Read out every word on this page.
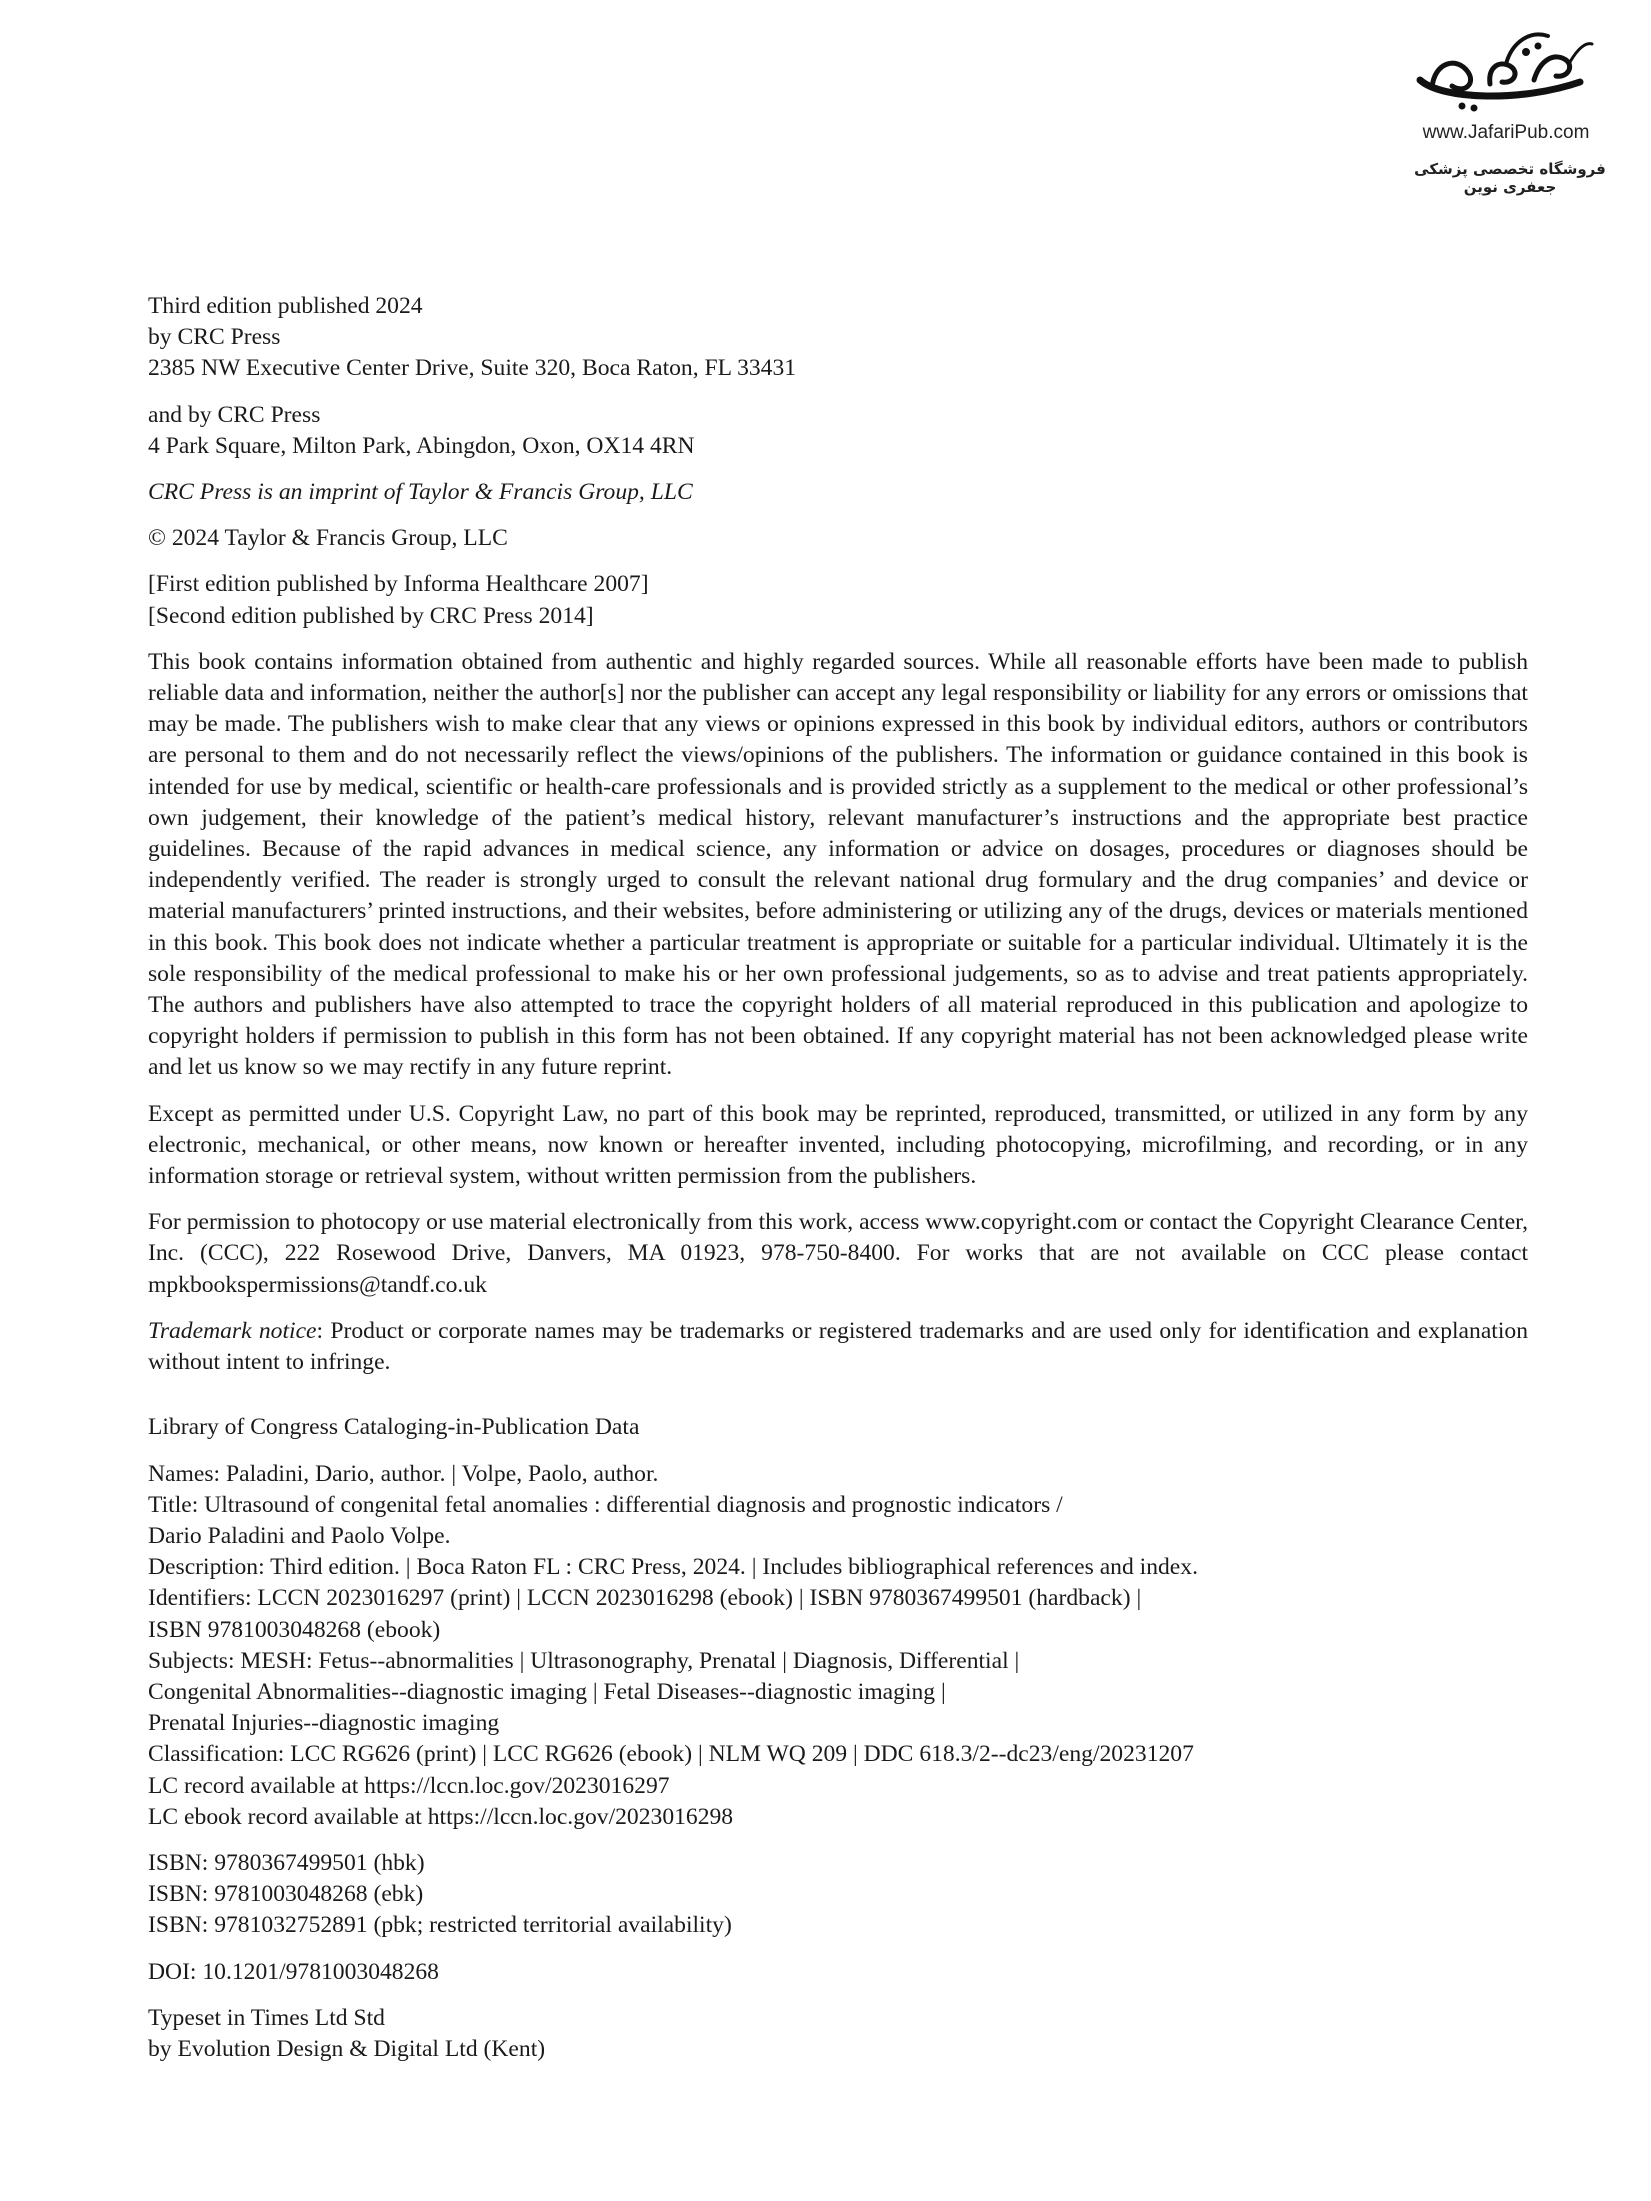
www.JafariPub.com
فروشگاه تخصصی پزشکی جعفری نوین

Third edition published 2024
by CRC Press
2385 NW Executive Center Drive, Suite 320, Boca Raton, FL 33431

and by CRC Press
4 Park Square, Milton Park, Abingdon, Oxon, OX14 4RN

CRC Press is an imprint of Taylor & Francis Group, LLC

© 2024 Taylor & Francis Group, LLC

[First edition published by Informa Healthcare 2007]
[Second edition published by CRC Press 2014]

This book contains information obtained from authentic and highly regarded sources. While all reasonable efforts have been made to publish reliable data and information, neither the author[s] nor the publisher can accept any legal responsibility or liability for any errors or omissions that may be made. The publishers wish to make clear that any views or opinions expressed in this book by individual editors, authors or contributors are personal to them and do not necessarily reflect the views/opinions of the publishers. The information or guidance contained in this book is intended for use by medical, scientific or health-care professionals and is provided strictly as a supplement to the medical or other professional’s own judgement, their knowledge of the patient’s medical history, relevant manufacturer’s instructions and the appropriate best practice guidelines. Because of the rapid advances in medical science, any information or advice on dosages, procedures or diagnoses should be independently verified. The reader is strongly urged to consult the relevant national drug formulary and the drug companies’ and device or material manufacturers’ printed instructions, and their websites, before administering or utilizing any of the drugs, devices or materials mentioned in this book. This book does not indicate whether a particular treatment is appropriate or suitable for a particular individual. Ultimately it is the sole responsibility of the medical professional to make his or her own professional judgements, so as to advise and treat patients appropriately. The authors and publishers have also attempted to trace the copyright holders of all material reproduced in this publication and apologize to copyright holders if permission to publish in this form has not been obtained. If any copyright material has not been acknowledged please write and let us know so we may rectify in any future reprint.

Except as permitted under U.S. Copyright Law, no part of this book may be reprinted, reproduced, transmitted, or utilized in any form by any electronic, mechanical, or other means, now known or hereafter invented, including photocopying, microfilming, and recording, or in any information storage or retrieval system, without written permission from the publishers.

For permission to photocopy or use material electronically from this work, access www.copyright.com or contact the Copyright Clearance Center, Inc. (CCC), 222 Rosewood Drive, Danvers, MA 01923, 978-750-8400. For works that are not available on CCC please contact mpkbookspermissions@tandf.co.uk

Trademark notice: Product or corporate names may be trademarks or registered trademarks and are used only for identification and explanation without intent to infringe.

Library of Congress Cataloging-in-Publication Data

Names: Paladini, Dario, author. | Volpe, Paolo, author.
Title: Ultrasound of congenital fetal anomalies : differential diagnosis and prognostic indicators /
Dario Paladini and Paolo Volpe.
Description: Third edition. | Boca Raton FL : CRC Press, 2024. | Includes bibliographical references and index.
Identifiers: LCCN 2023016297 (print) | LCCN 2023016298 (ebook) | ISBN 9780367499501 (hardback) |
ISBN 9781003048268 (ebook)
Subjects: MESH: Fetus--abnormalities | Ultrasonography, Prenatal | Diagnosis, Differential |
Congenital Abnormalities--diagnostic imaging | Fetal Diseases--diagnostic imaging |
Prenatal Injuries--diagnostic imaging
Classification: LCC RG626 (print) | LCC RG626 (ebook) | NLM WQ 209 | DDC 618.3/2--dc23/eng/20231207
LC record available at https://lccn.loc.gov/2023016297
LC ebook record available at https://lccn.loc.gov/2023016298

ISBN: 9780367499501 (hbk)
ISBN: 9781003048268 (ebk)
ISBN: 9781032752891 (pbk; restricted territorial availability)

DOI: 10.1201/9781003048268

Typeset in Times Ltd Std
by Evolution Design & Digital Ltd (Kent)
